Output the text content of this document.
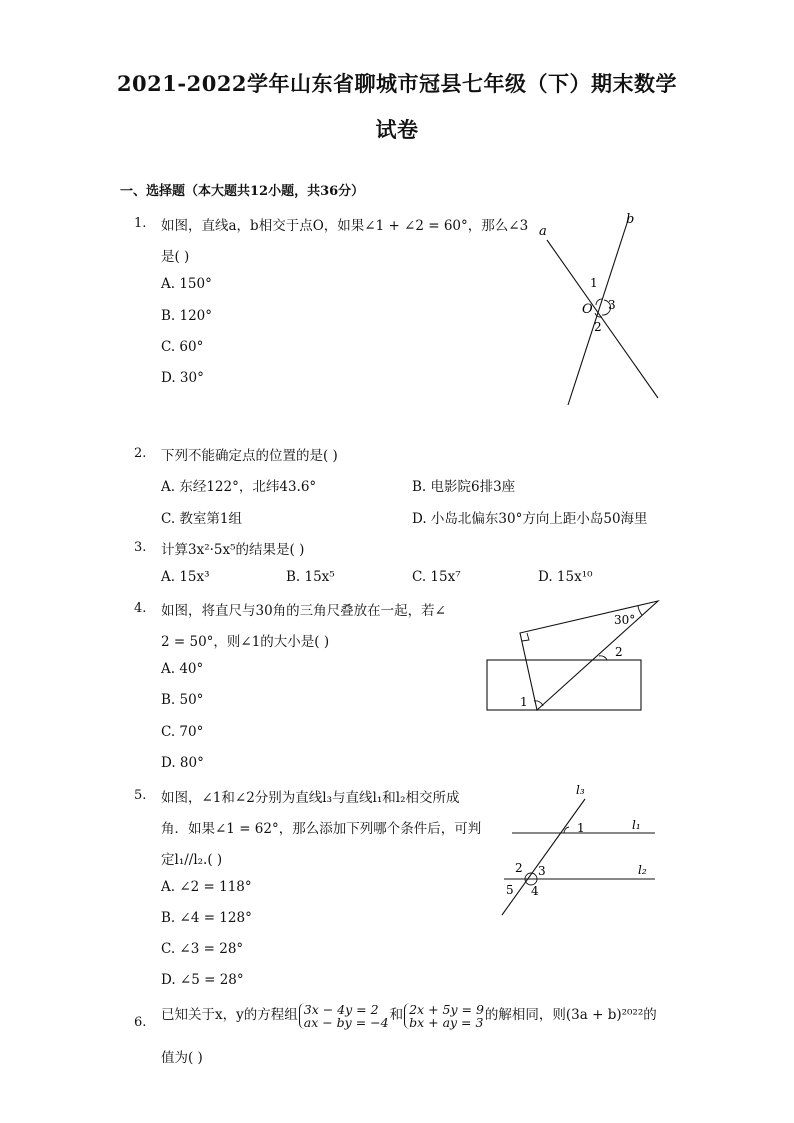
2021-2022学年山东省聊城市冠县七年级（下）期末数学
试卷
一、选择题（本大题共12小题，共36分）
1. 如图，直线a，b相交于点O，如果∠1 + ∠2 = 60°，那么∠3
是( )
A. 150°
B. 120°
C. 60°
D. 30°
a
b
1
O 3
2
2. 下列不能确定点的位置的是( )
A. 东经122°，北纬43.6°	B. 电影院6排3座
C. 教室第1组	D. 小岛北偏东30°方向上距小岛50海里
3. 计算3x²·5x⁵的结果是( )
A. 15x³	B. 15x⁵	C. 15x⁷	D. 15x¹⁰
4. 如图，将直尺与30角的三角尺叠放在一起，若∠
2 = 50°，则∠1的大小是( )
A. 40°
B. 50°
C. 70°
D. 80°
30°
2
1
5. 如图，∠1和∠2分别为直线l₃与直线l₁和l₂相交所成
角．如果∠1 = 62°，那么添加下列哪个条件后，可判
定l₁//l₂.( )
A. ∠2 = 118°
B. ∠4 = 128°
C. ∠3 = 28°
D. ∠5 = 28°
l₃
1	l₁
2 3	l₂
5 4
6. 已知关于x，y的方程组 3x − 4y = 2
ax − by = −4 和 2x + 5y = 9
bx + ay = 3 的解相同，则(3a + b)²⁰²²的
值为( )
